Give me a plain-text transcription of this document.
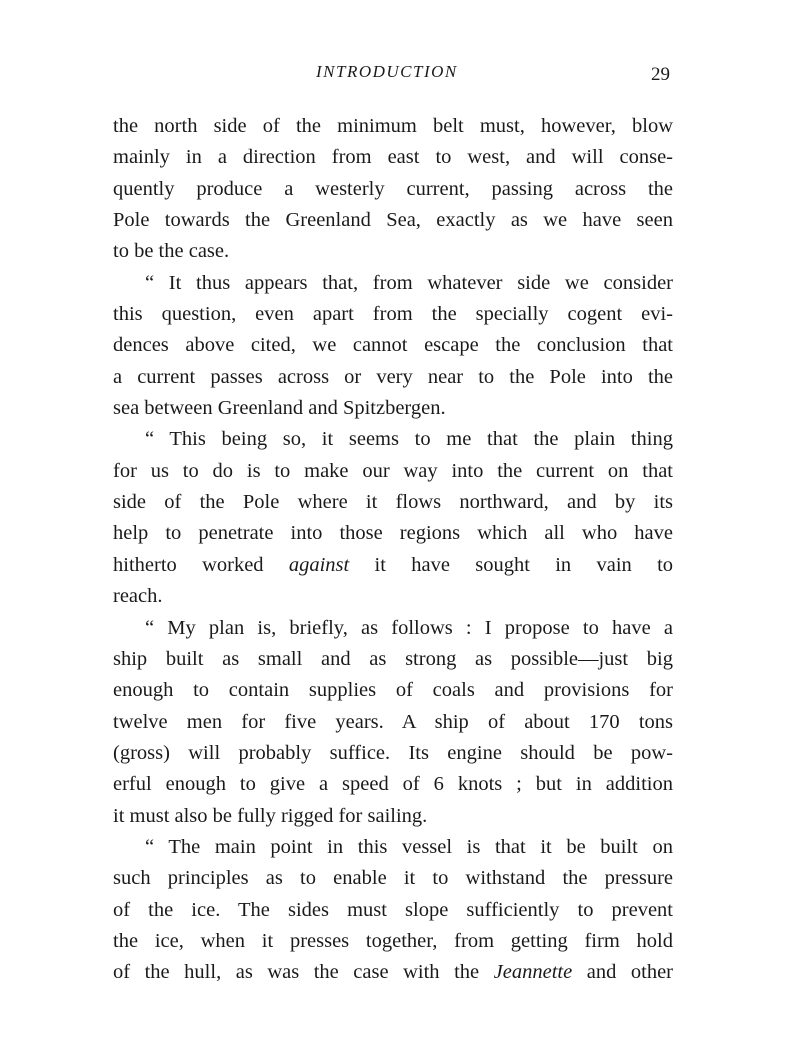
INTRODUCTION	29
the north side of the minimum belt must, however, blow
mainly in a direction from east to west, and will conse-
quently produce a westerly current, passing across the
Pole towards the Greenland Sea, exactly as we have seen
to be the case.
“ It thus appears that, from whatever side we consider
this question, even apart from the specially cogent evi-
dences above cited, we cannot escape the conclusion that
a current passes across or very near to the Pole into the
sea between Greenland and Spitzbergen.
“ This being so, it seems to me that the plain thing
for us to do is to make our way into the current on that
side of the Pole where it flows northward, and by its
help to penetrate into those regions which all who have
hitherto worked against it have sought in vain to
reach.
“ My plan is, briefly, as follows : I propose to have a
ship built as small and as strong as possible—just big
enough to contain supplies of coals and provisions for
twelve men for five years. A ship of about 170 tons
(gross) will probably suffice. Its engine should be pow-
erful enough to give a speed of 6 knots ; but in addition
it must also be fully rigged for sailing.
“ The main point in this vessel is that it be built on
such principles as to enable it to withstand the pressure
of the ice. The sides must slope sufficiently to prevent
the ice, when it presses together, from getting firm hold
of the hull, as was the case with the Jeannette and other
